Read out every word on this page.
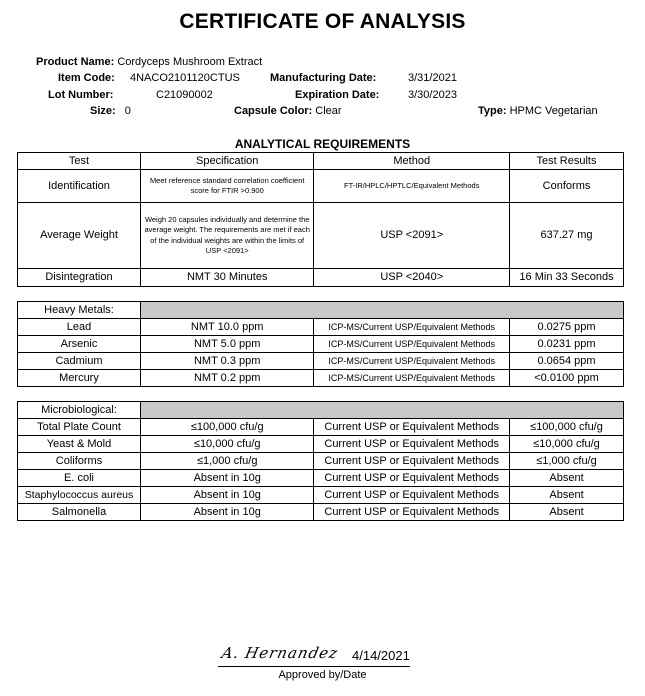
CERTIFICATE OF ANALYSIS
Product Name: Cordyceps Mushroom Extract
Item Code: 4NACO2101120CTUS	Manufacturing Date:	3/31/2021
Lot Number:	C21090002	Expiration Date:	3/30/2023
Size: 0	Capsule Color: Clear	Type: HPMC Vegetarian
ANALYTICAL REQUIREMENTS
Test	Specification	Method	Test Results
Identification	Meet reference standard correlation coefficient score for FTIR >0.900	FT-IR/HPLC/HPTLC/Equivalent Methods	Conforms
Average Weight	Weigh 20 capsules individually and determine the average weight. The requirements are met if each of the individual weights are within the limits of USP <2091>	USP <2091>	637.27 mg
Disintegration	NMT 30 Minutes	USP <2040>	16 Min 33 Seconds
Heavy Metals:			
Lead	NMT 10.0 ppm	ICP-MS/Current USP/Equivalent Methods	0.0275 ppm
Arsenic	NMT 5.0 ppm	ICP-MS/Current USP/Equivalent Methods	0.0231 ppm
Cadmium	NMT 0.3 ppm	ICP-MS/Current USP/Equivalent Methods	0.0654 ppm
Mercury	NMT 0.2 ppm	ICP-MS/Current USP/Equivalent Methods	<0.0100 ppm
Microbiological:			
Total Plate Count	≤100,000 cfu/g	Current USP or Equivalent Methods	≤100,000 cfu/g
Yeast & Mold	≤10,000 cfu/g	Current USP or Equivalent Methods	≤10,000 cfu/g
Coliforms	≤1,000 cfu/g	Current USP or Equivalent Methods	≤1,000 cfu/g
E. coli	Absent in 10g	Current USP or Equivalent Methods	Absent
Staphylococcus aureus	Absent in 10g	Current USP or Equivalent Methods	Absent
Salmonella	Absent in 10g	Current USP or Equivalent Methods	Absent
A. Hernandez 4/14/2021
Approved by/Date
